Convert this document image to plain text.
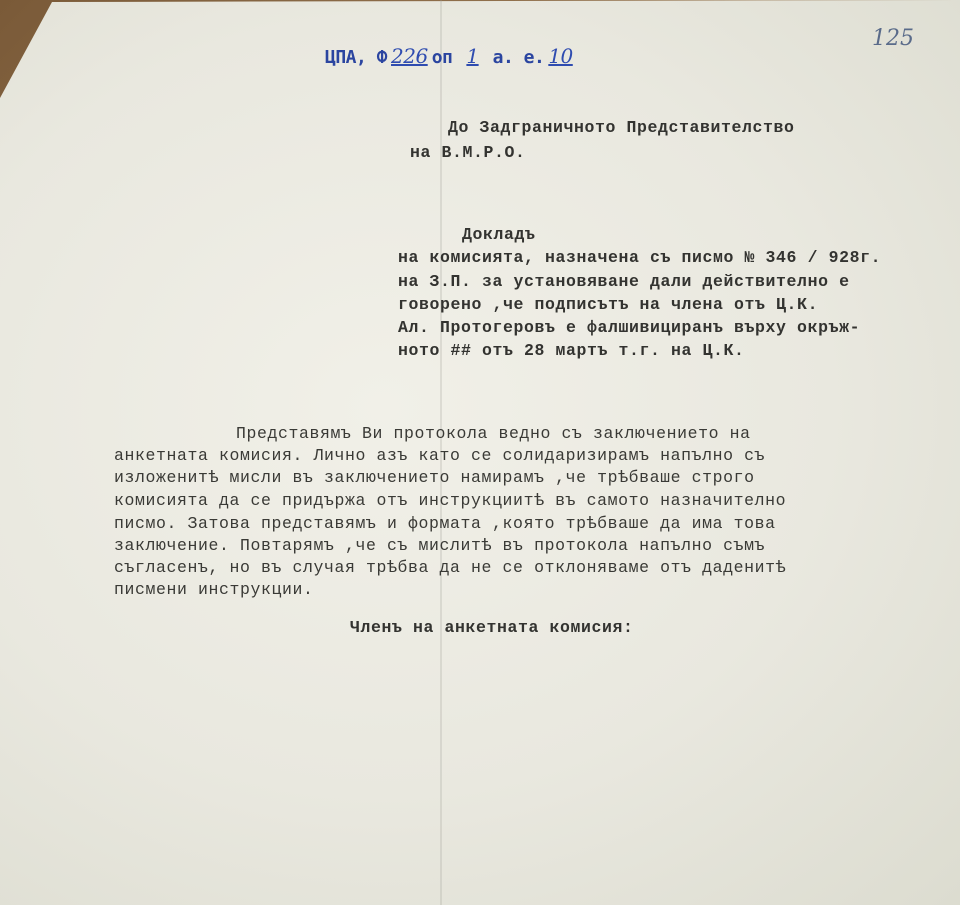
ЦПА, Ф 226 оп 1 а. е. 10
125
До Задграничното Представителство
на В.М.Р.О.
Докладъ
на комисията, назначена съ писмо № 346 / 928г.
на З.П. за установяване дали действително е
говорено ,че подписътъ на члена отъ Ц.К.
Ал. Протогеровъ е фалшивициранъ върху окръж-
ното ## отъ 28 мартъ т.г. на Ц.К.
Представямъ Ви протокола ведно съ заключението на
анкетната комисия. Лично азъ като се солидаризирамъ напълно съ
изложенитѣ мисли въ заключението намирамъ ,че трѣбваше строго
комисията да се придържа отъ инструкциитѣ въ самото назначително
писмо. Затова представямъ и формата ,която трѣбваше да има това
заключение. Повтарямъ ,че съ мислитѣ въ протокола напълно съмъ
съгласенъ, но въ случая трѣбва да не се отклоняваме отъ даденитѣ
писмени инструкции.
Членъ на анкетната комисия:
